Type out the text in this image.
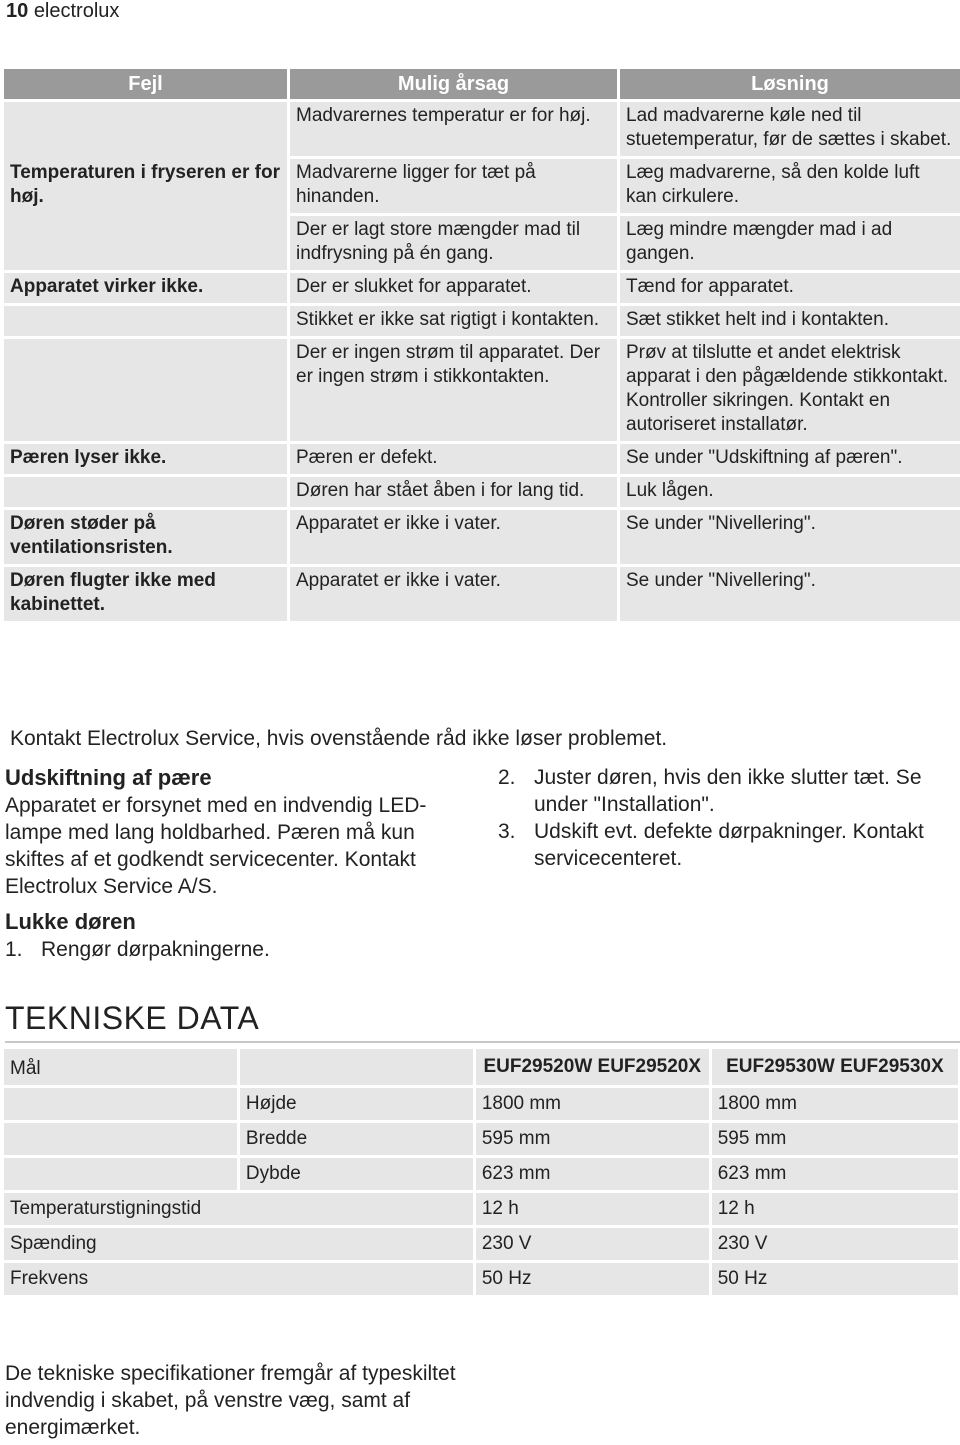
10 electrolux
Fejl	Mulig årsag	Løsning
Temperaturen i fryseren er for høj.	Madvarernes temperatur er for høj.	Lad madvarerne køle ned til stuetemperatur, før de sættes i skabet.
	Madvarerne ligger for tæt på hinanden.	Læg madvarerne, så den kolde luft kan cirkulere.
	Der er lagt store mængder mad til indfrysning på én gang.	Læg mindre mængder mad i ad gangen.
Apparatet virker ikke.	Der er slukket for apparatet.	Tænd for apparatet.
	Stikket er ikke sat rigtigt i kontakten.	Sæt stikket helt ind i kontakten.
	Der er ingen strøm til apparatet. Der er ingen strøm i stikkontakten.	Prøv at tilslutte et andet elektrisk apparat i den pågældende stikkontakt. Kontroller sikringen. Kontakt en autoriseret installatør.
Pæren lyser ikke.	Pæren er defekt.	Se under "Udskiftning af pæren".
	Døren har stået åben i for lang tid.	Luk lågen.
Døren støder på ventilationsristen.	Apparatet er ikke i vater.	Se under "Nivellering".
Døren flugter ikke med kabinettet.	Apparatet er ikke i vater.	Se under "Nivellering".
Kontakt Electrolux Service, hvis ovenstående råd ikke løser problemet.
Udskiftning af pære

Apparatet er forsynet med en indvendig LED-lampe med lang holdbarhed. Pæren må kun skiftes af et godkendt servicecenter. Kontakt Electrolux Service A/S.

Lukke døren
1. Rengør dørpakningerne.
2. Juster døren, hvis den ikke slutter tæt. Se under "Installation".
3. Udskift evt. defekte dørpakninger. Kontakt servicecenteret.
TEKNISKE DATA
Mål		EUF29520W EUF29520X	EUF29530W EUF29530X

	Højde	1800 mm	1800 mm
	Bredde	595 mm	595 mm
	Dybde	623 mm	623 mm
Temperaturstigningstid		12 h	12 h
Spænding		230 V	230 V
Frekvens		50 Hz	50 Hz
De tekniske specifikationer fremgår af typeskiltet indvendig i skabet, på venstre væg, samt af energimærket.
